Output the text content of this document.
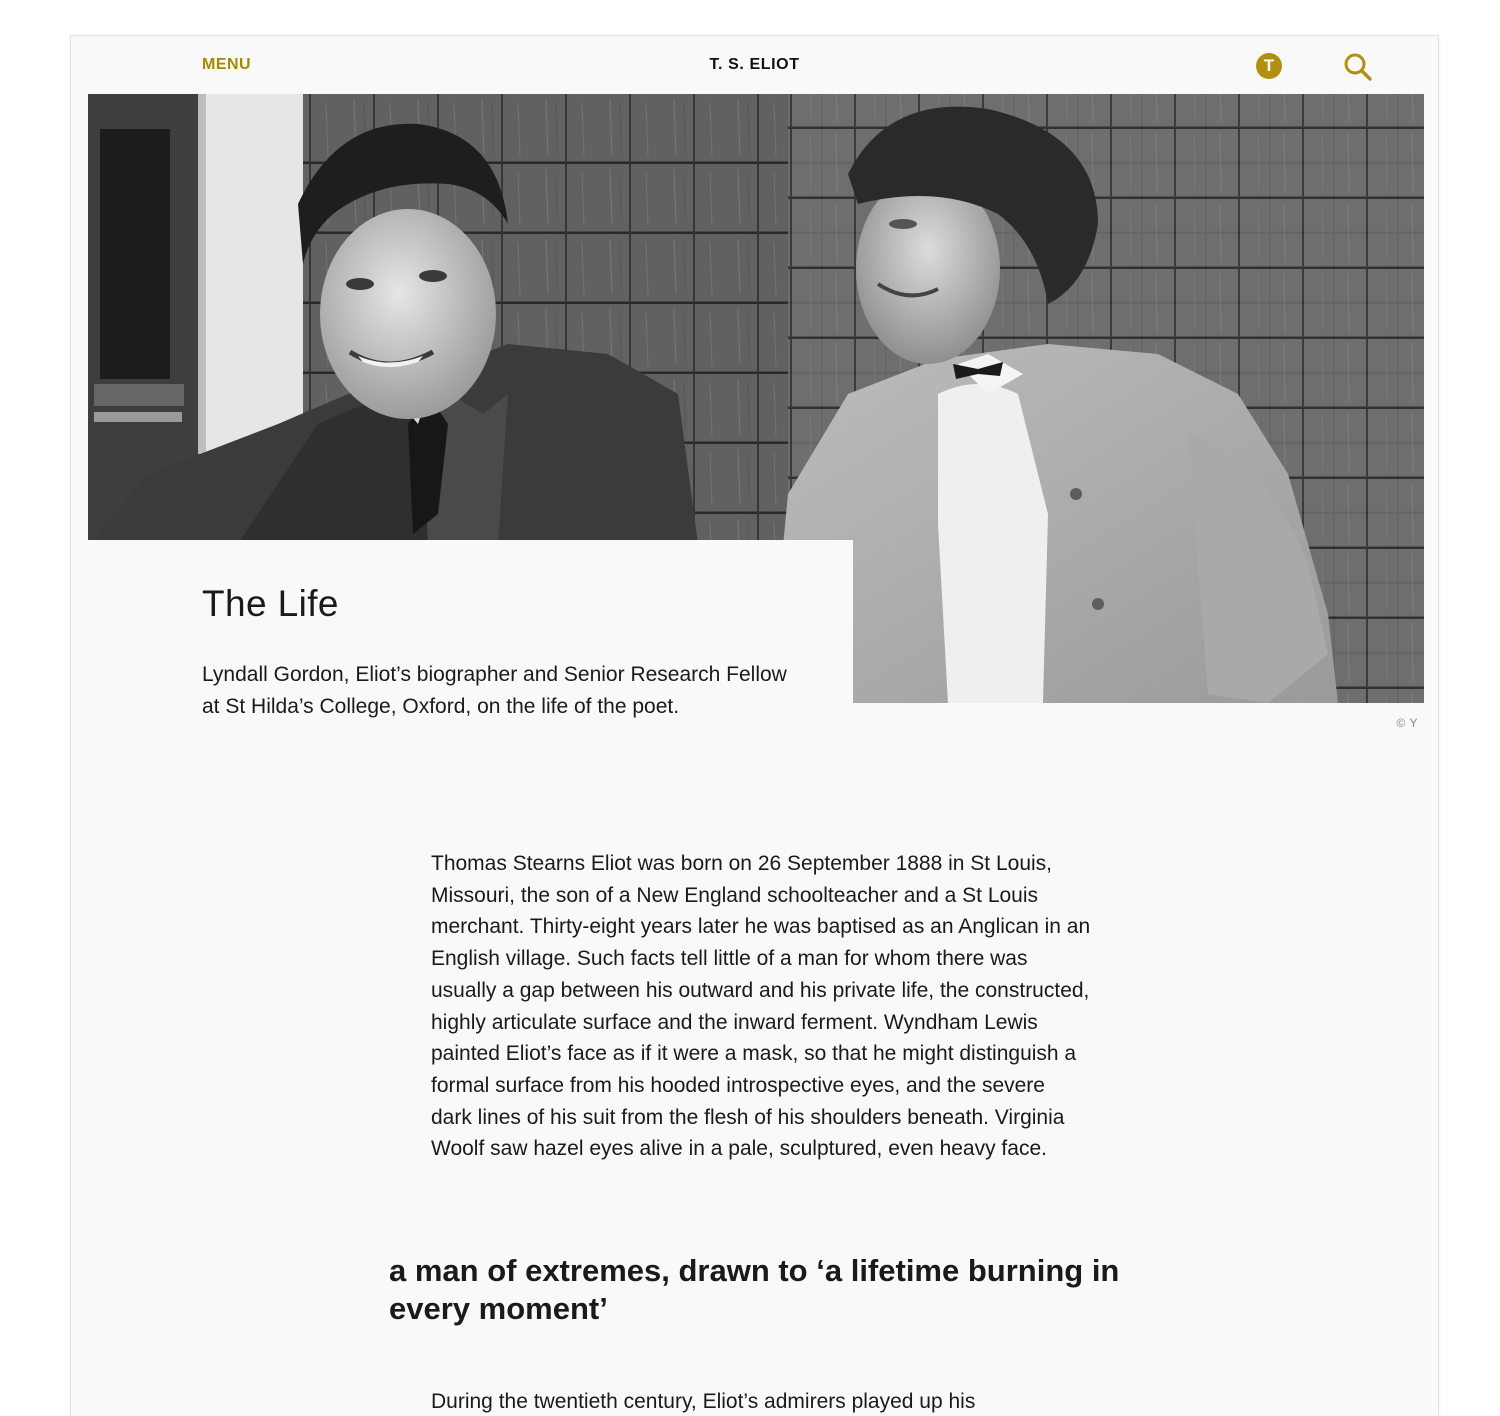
MENU	T. S. ELIOT	T
© Y
The Life

Lyndall Gordon, Eliot’s biographer and Senior Research Fellow at St Hilda’s College, Oxford, on the life of the poet.

Thomas Stearns Eliot was born on 26 September 1888 in St Louis, Missouri, the son of a New England schoolteacher and a St Louis merchant. Thirty-eight years later he was baptised as an Anglican in an English village. Such facts tell little of a man for whom there was usually a gap between his outward and his private life, the constructed, highly articulate surface and the inward ferment. Wyndham Lewis painted Eliot’s face as if it were a mask, so that he might distinguish a formal surface from his hooded introspective eyes, and the severe dark lines of his suit from the flesh of his shoulders beneath. Virginia Woolf saw hazel eyes alive in a pale, sculptured, even heavy face.

a man of extremes, drawn to ‘a lifetime burning in every moment’

During the twentieth century, Eliot’s admirers played up his
